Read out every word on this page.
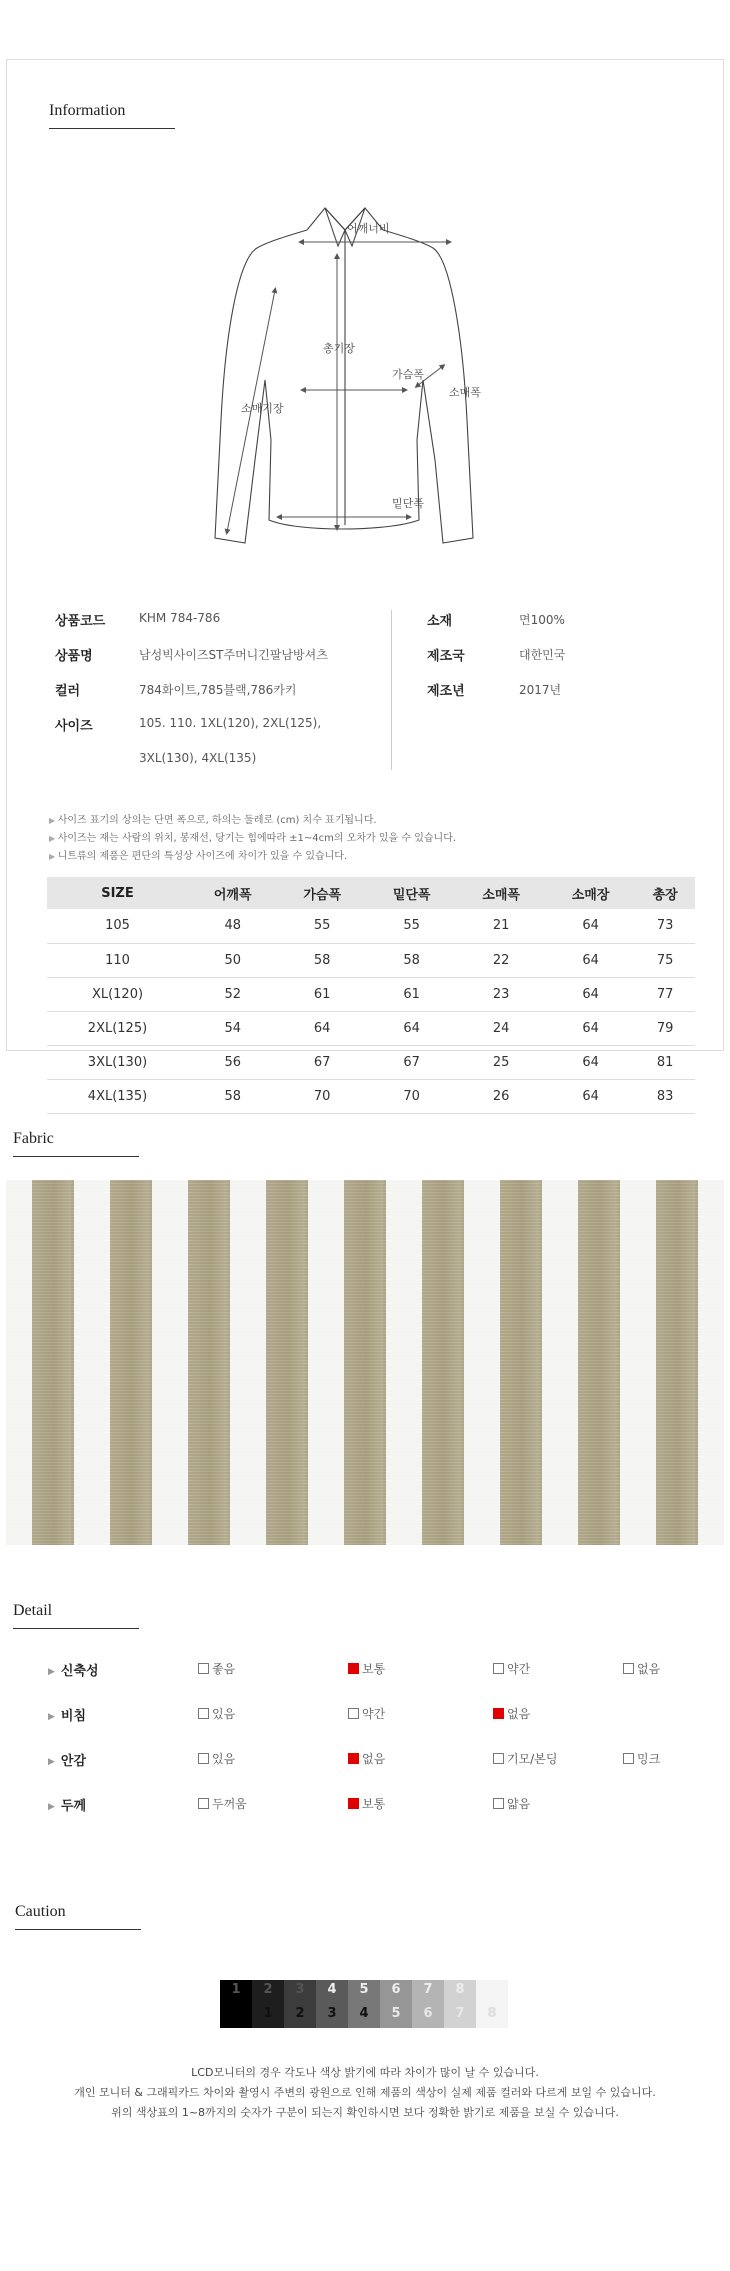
Information
어깨너비
총기장
가슴폭
소매폭
소매기장
밑단폭
상품코드	KHM 784-786
상품명	남성빅사이즈ST주머니긴팔남방셔츠
컬러	784화이트,785블랙,786카키
사이즈	105. 110. 1XL(120), 2XL(125),
3XL(130), 4XL(135)
소재	면100%
제조국	대한민국
제조년	2017년
▶ 사이즈 표기의 상의는 단면 폭으로, 하의는 둘레로 (cm) 치수 표기됩니다.
▶ 사이즈는 재는 사람의 위치, 봉재선, 당기는 힘에따라 ±1~4cm의 오차가 있을 수 있습니다.
▶ 니트류의 제품은 편단의 특성상 사이즈에 차이가 있을 수 있습니다.
SIZE	어깨폭	가슴폭	밑단폭	소매폭	소매장	총장
105	48	55	55	21	64	73
110	50	58	58	22	64	75
XL(120)	52	61	61	23	64	77
2XL(125)	54	64	64	24	64	79
3XL(130)	56	67	67	25	64	81
4XL(135)	58	70	70	26	64	83
Fabric
Detail
▶ 신축성	좋음	보통	약간	없음
▶ 비침	있음	약간	없음
▶ 안감	있음	없음	기모/본딩	밍크
▶ 두께	두꺼움	보통	얇음
Caution
1	2
1
3
2
4
3
5
4
6
5
7
6
8
7	8
LCD모니터의 경우 각도나 색상 밝기에 따라 차이가 많이 날 수 있습니다.
개인 모니터 & 그래픽카드 차이와 촬영시 주변의 광원으로 인해 제품의 색상이 실제 제품 컬러와 다르게 보일 수 있습니다.
위의 색상표의 1~8까지의 숫자가 구분이 되는지 확인하시면 보다 정확한 밝기로 제품을 보실 수 있습니다.
